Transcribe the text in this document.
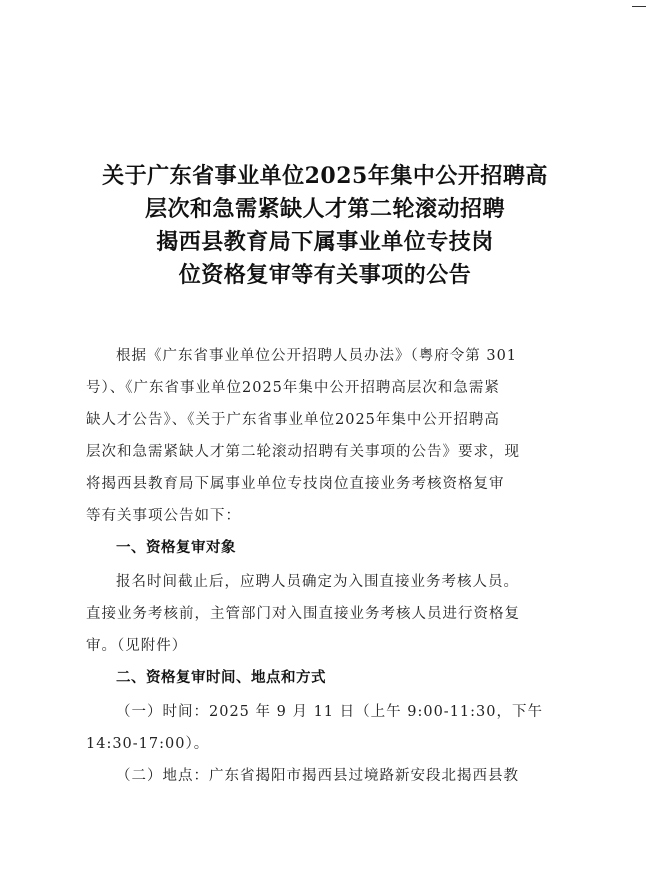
关于广东省事业单位2025年集中公开招聘高
层次和急需紧缺人才第二轮滚动招聘
揭西县教育局下属事业单位专技岗
位资格复审等有关事项的公告
根据《广东省事业单位公开招聘人员办法》（粤府令第 301
号）、《广东省事业单位2025年集中公开招聘高层次和急需紧
缺人才公告》、《关于广东省事业单位2025年集中公开招聘高
层次和急需紧缺人才第二轮滚动招聘有关事项的公告》要求，现
将揭西县教育局下属事业单位专技岗位直接业务考核资格复审
等有关事项公告如下：
一、资格复审对象
报名时间截止后，应聘人员确定为入围直接业务考核人员。
直接业务考核前，主管部门对入围直接业务考核人员进行资格复
审。（见附件）
二、资格复审时间、地点和方式
（一）时间：2025 年 9 月 11 日（上午 9:00-11:30，下午
14:30-17:00）。
（二）地点：广东省揭阳市揭西县过境路新安段北揭西县教
